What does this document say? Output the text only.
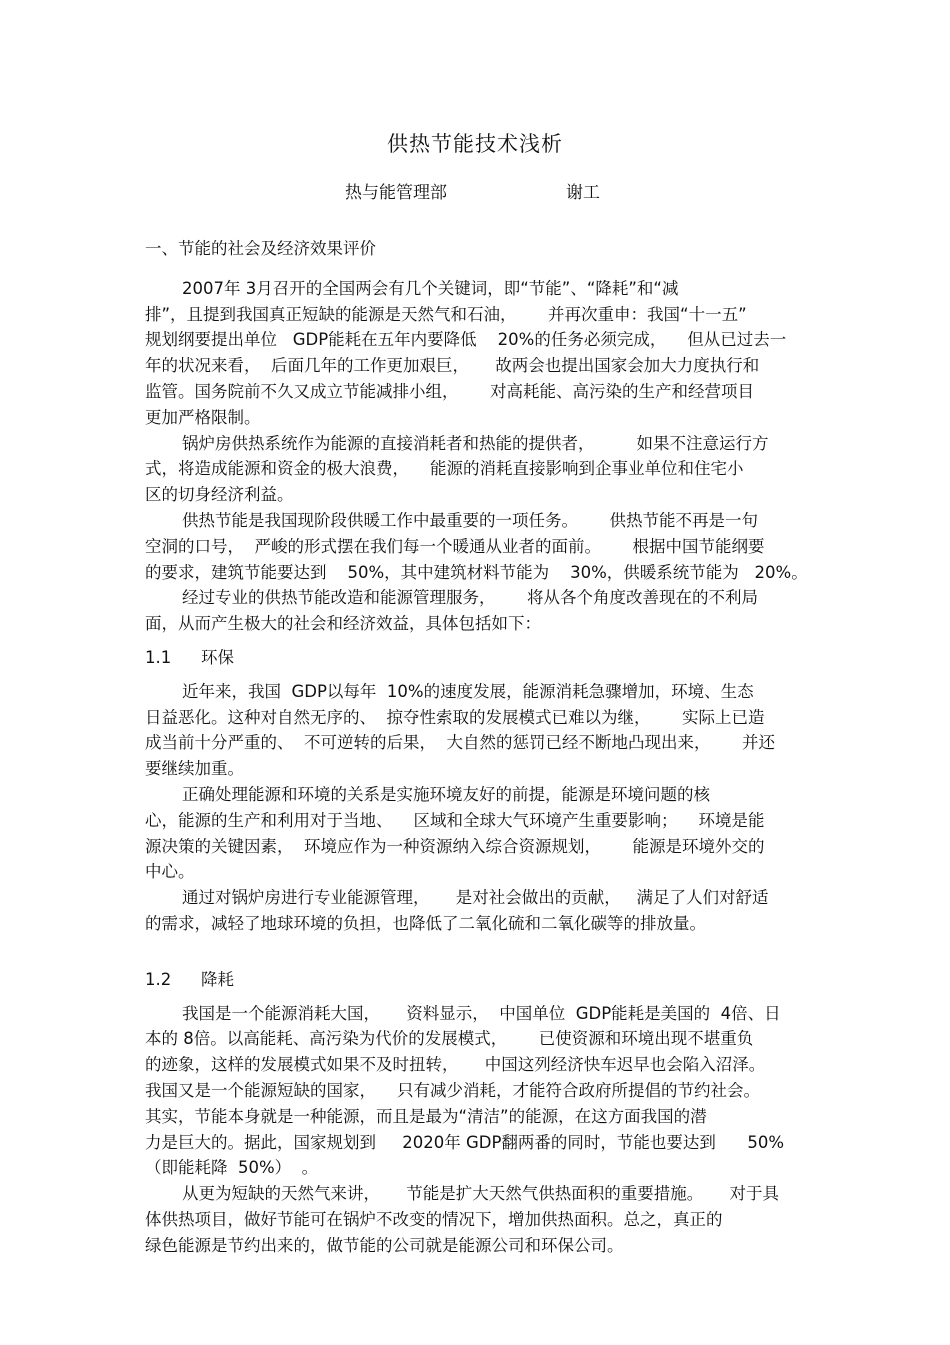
供热节能技术浅析
热与能管理部	谢工

一、节能的社会及经济效果评价

2007年 3月召开的全国两会有几个关键词，即“节能”、“降耗”和“减
排”，且提到我国真正短缺的能源是天然气和石油，      并再次重申：我国“十一五”
规划纲要提出单位   GDP能耗在五年内要降低    20%的任务必须完成，    但从已过去一
年的状况来看，  后面几年的工作更加艰巨，     故两会也提出国家会加大力度执行和
监管。国务院前不久又成立节能减排小组，      对高耗能、高污染的生产和经营项目
更加严格限制。

锅炉房供热系统作为能源的直接消耗者和热能的提供者，        如果不注意运行方
式，将造成能源和资金的极大浪费，    能源的消耗直接影响到企事业单位和住宅小
区的切身经济利益。

供热节能是我国现阶段供暖工作中最重要的一项任务。      供热节能不再是一句
空洞的口号，  严峻的形式摆在我们每一个暖通从业者的面前。      根据中国节能纲要
的要求，建筑节能要达到    50%，其中建筑材料节能为    30%，供暖系统节能为   20%。

经过专业的供热节能改造和能源管理服务，      将从各个角度改善现在的不利局
面，从而产生极大的社会和经济效益，具体包括如下：

1.1 环保

近年来，我国  GDP以每年  10%的速度发展，能源消耗急骤增加，环境、生态
日益恶化。这种对自然无序的、  掠夺性索取的发展模式已难以为继，      实际上已造
成当前十分严重的、  不可逆转的后果，  大自然的惩罚已经不断地凸现出来，      并还
要继续加重。

正确处理能源和环境的关系是实施环境友好的前提，能源是环境问题的核
心，能源的生产和利用对于当地、    区域和全球大气环境产生重要影响；    环境是能
源决策的关键因素，  环境应作为一种资源纳入综合资源规划，      能源是环境外交的
中心。

通过对锅炉房进行专业能源管理，     是对社会做出的贡献，   满足了人们对舒适
的需求，减轻了地球环境的负担，也降低了二氧化硫和二氧化碳等的排放量。

1.2 降耗

我国是一个能源消耗大国，     资料显示，  中国单位  GDP能耗是美国的  4倍、日
本的 8倍。以高能耗、高污染为代价的发展模式，      已使资源和环境出现不堪重负
的迹象，这样的发展模式如果不及时扭转，     中国这列经济快车迟早也会陷入沼泽。
我国又是一个能源短缺的国家，    只有减少消耗，才能符合政府所提倡的节约社会。
其实，节能本身就是一种能源，而且是最为“清洁”的能源，在这方面我国的潜
力是巨大的。据此，国家规划到     2020年 GDP翻两番的同时，节能也要达到      50%
（即能耗降  50%）  。

从更为短缺的天然气来讲，     节能是扩大天然气供热面积的重要措施。     对于具
体供热项目，做好节能可在锅炉不改变的情况下，增加供热面积。总之，真正的
绿色能源是节约出来的，做节能的公司就是能源公司和环保公司。
